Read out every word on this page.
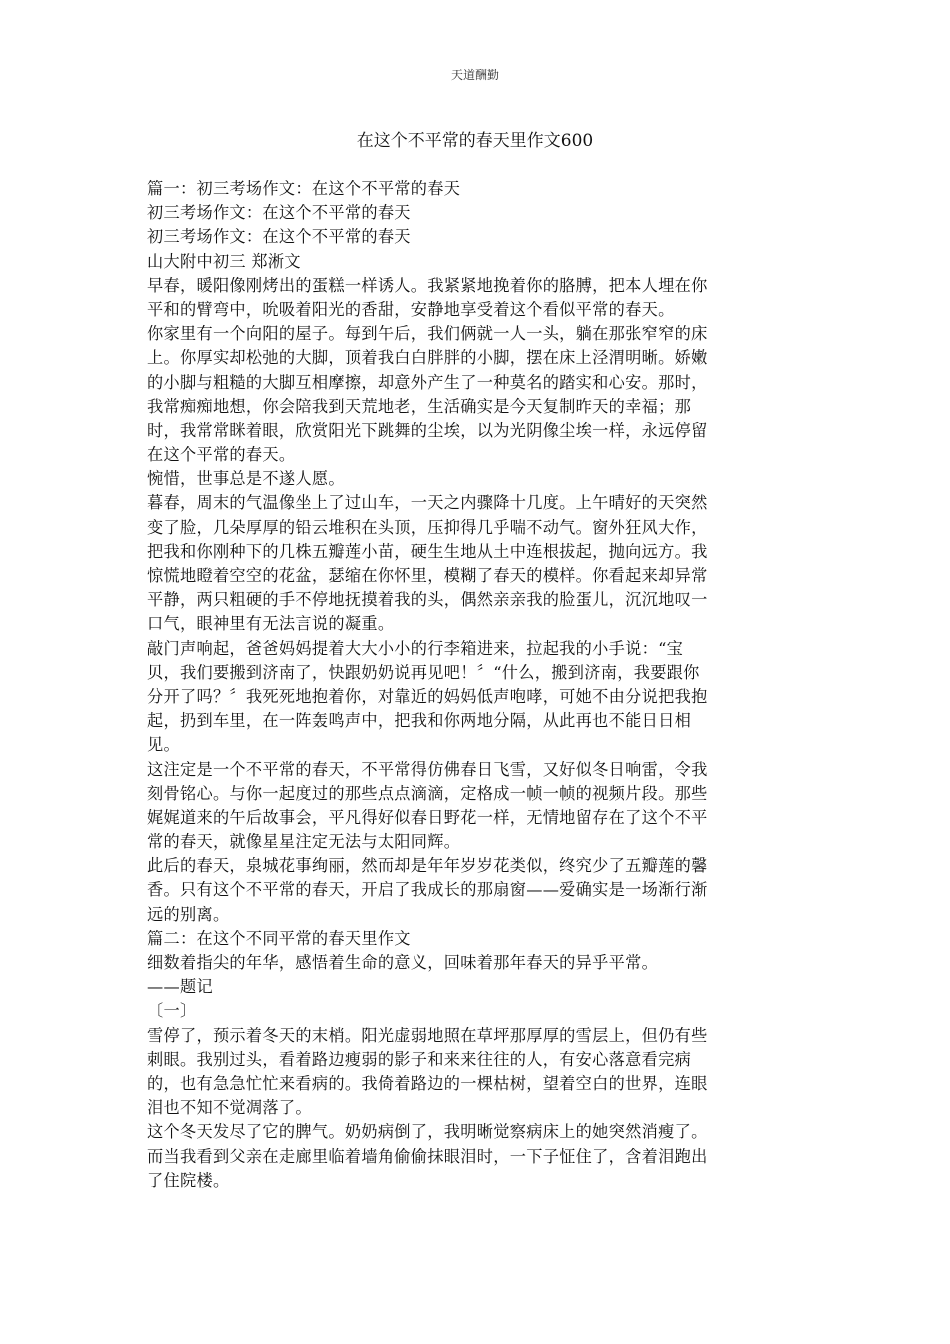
天道酬勤
在这个不平常的春天里作文600
篇一：初三考场作文：在这个不平常的春天
初三考场作文：在这个不平常的春天
初三考场作文：在这个不平常的春天
山大附中初三 郑淅文
早春，暖阳像刚烤出的蛋糕一样诱人。我紧紧地挽着你的胳膊，把本人埋在你
平和的臂弯中，吮吸着阳光的香甜，安静地享受着这个看似平常的春天。
你家里有一个向阳的屋子。每到午后，我们俩就一人一头，躺在那张窄窄的床
上。你厚实却松弛的大脚，顶着我白白胖胖的小脚，摆在床上泾渭明晰。娇嫩
的小脚与粗糙的大脚互相摩擦，却意外产生了一种莫名的踏实和心安。那时，
我常痴痴地想，你会陪我到天荒地老，生活确实是今天复制昨天的幸福；那
时，我常常眯着眼，欣赏阳光下跳舞的尘埃，以为光阴像尘埃一样，永远停留
在这个平常的春天。
惋惜，世事总是不遂人愿。
暮春，周末的气温像坐上了过山车，一天之内骤降十几度。上午晴好的天突然
变了脸，几朵厚厚的铅云堆积在头顶，压抑得几乎喘不动气。窗外狂风大作，
把我和你刚种下的几株五瓣莲小苗，硬生生地从土中连根拔起，抛向远方。我
惊慌地瞪着空空的花盆，瑟缩在你怀里，模糊了春天的模样。你看起来却异常
平静，两只粗硬的手不停地抚摸着我的头，偶然亲亲我的脸蛋儿，沉沉地叹一
口气，眼神里有无法言说的凝重。
敲门声响起，爸爸妈妈提着大大小小的行李箱进来，拉起我的小手说：“宝
贝，我们要搬到济南了，快跟奶奶说再见吧！〞“什么，搬到济南，我要跟你
分开了吗？〞我死死地抱着你，对靠近的妈妈低声咆哮，可她不由分说把我抱
起，扔到车里，在一阵轰鸣声中，把我和你两地分隔，从此再也不能日日相
见。
这注定是一个不平常的春天，不平常得仿佛春日飞雪，又好似冬日响雷，令我
刻骨铭心。与你一起度过的那些点点滴滴，定格成一帧一帧的视频片段。那些
娓娓道来的午后故事会，平凡得好似春日野花一样，无情地留存在了这个不平
常的春天，就像星星注定无法与太阳同辉。
此后的春天，泉城花事绚丽，然而却是年年岁岁花类似，终究少了五瓣莲的馨
香。只有这个不平常的春天，开启了我成长的那扇窗——爱确实是一场渐行渐
远的别离。
篇二：在这个不同平常的春天里作文
细数着指尖的年华，感悟着生命的意义，回味着那年春天的异乎平常。
——题记
〔一〕
雪停了，预示着冬天的末梢。阳光虚弱地照在草坪那厚厚的雪层上，但仍有些
刺眼。我别过头，看着路边瘦弱的影子和来来往往的人，有安心落意看完病
的，也有急急忙忙来看病的。我倚着路边的一棵枯树，望着空白的世界，连眼
泪也不知不觉凋落了。
这个冬天发尽了它的脾气。奶奶病倒了，我明晰觉察病床上的她突然消瘦了。
而当我看到父亲在走廊里临着墙角偷偷抹眼泪时，一下子怔住了，含着泪跑出
了住院楼。
